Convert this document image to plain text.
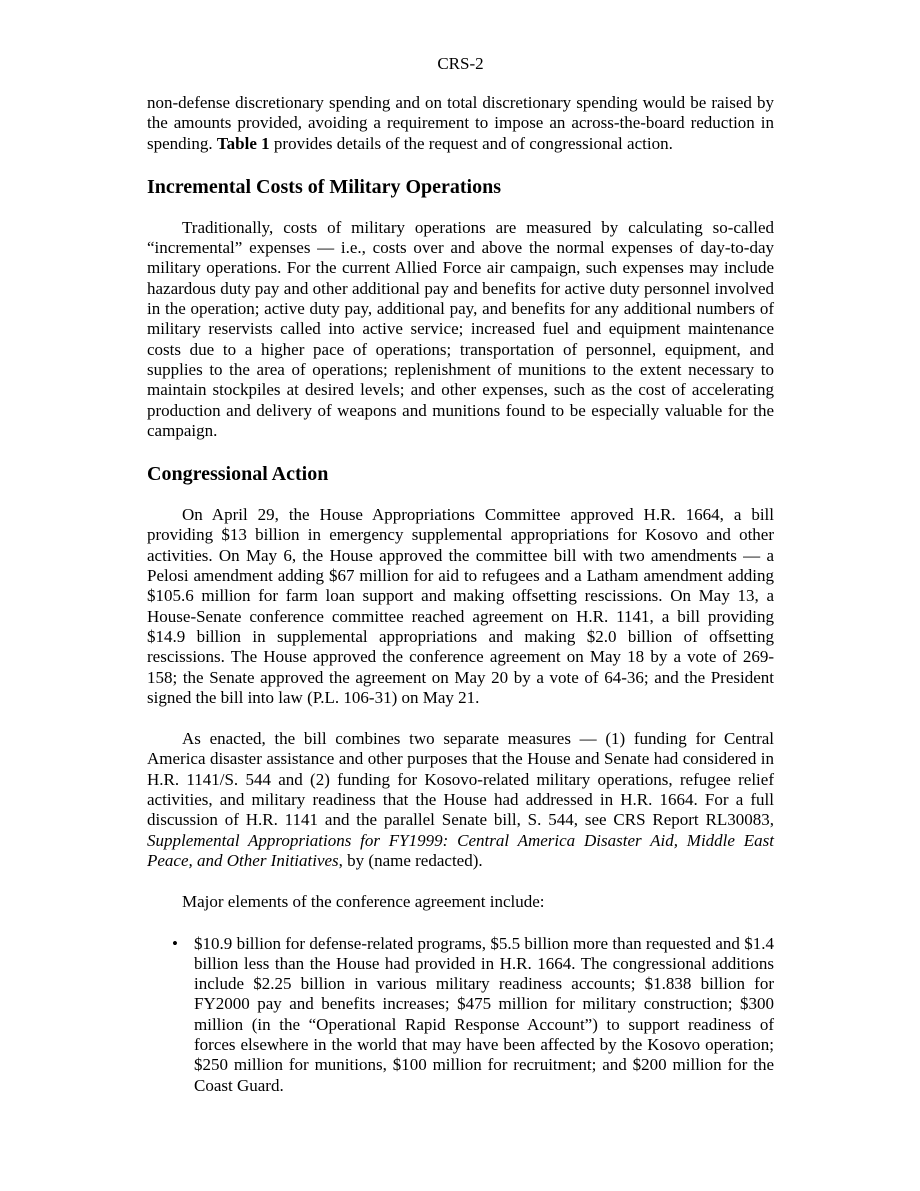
CRS-2

non-defense discretionary spending and on total discretionary spending would be raised by the amounts provided, avoiding a requirement to impose an across-the-board reduction in spending. Table 1 provides details of the request and of congressional action.

Incremental Costs of Military Operations

Traditionally, costs of military operations are measured by calculating so-called “incremental” expenses — i.e., costs over and above the normal expenses of day-to-day military operations. For the current Allied Force air campaign, such expenses may include hazardous duty pay and other additional pay and benefits for active duty personnel involved in the operation; active duty pay, additional pay, and benefits for any additional numbers of military reservists called into active service; increased fuel and equipment maintenance costs due to a higher pace of operations; transportation of personnel, equipment, and supplies to the area of operations; replenishment of munitions to the extent necessary to maintain stockpiles at desired levels; and other expenses, such as the cost of accelerating production and delivery of weapons and munitions found to be especially valuable for the campaign.

Congressional Action

On April 29, the House Appropriations Committee approved H.R. 1664, a bill providing $13 billion in emergency supplemental appropriations for Kosovo and other activities. On May 6, the House approved the committee bill with two amendments — a Pelosi amendment adding $67 million for aid to refugees and a Latham amendment adding $105.6 million for farm loan support and making offsetting rescissions. On May 13, a House-Senate conference committee reached agreement on H.R. 1141, a bill providing $14.9 billion in supplemental appropriations and making $2.0 billion of offsetting rescissions. The House approved the conference agreement on May 18 by a vote of 269-158; the Senate approved the agreement on May 20 by a vote of 64-36; and the President signed the bill into law (P.L. 106-31) on May 21.

As enacted, the bill combines two separate measures — (1) funding for Central America disaster assistance and other purposes that the House and Senate had considered in H.R. 1141/S. 544 and (2) funding for Kosovo-related military operations, refugee relief activities, and military readiness that the House had addressed in H.R. 1664. For a full discussion of H.R. 1141 and the parallel Senate bill, S. 544, see CRS Report RL30083, Supplemental Appropriations for FY1999: Central America Disaster Aid, Middle East Peace, and Other Initiatives, by (name redacted).

Major elements of the conference agreement include:

• $10.9 billion for defense-related programs, $5.5 billion more than requested and $1.4 billion less than the House had provided in H.R. 1664. The congressional additions include $2.25 billion in various military readiness accounts; $1.838 billion for FY2000 pay and benefits increases; $475 million for military construction; $300 million (in the “Operational Rapid Response Account”) to support readiness of forces elsewhere in the world that may have been affected by the Kosovo operation; $250 million for munitions, $100 million for recruitment; and $200 million for the Coast Guard.
